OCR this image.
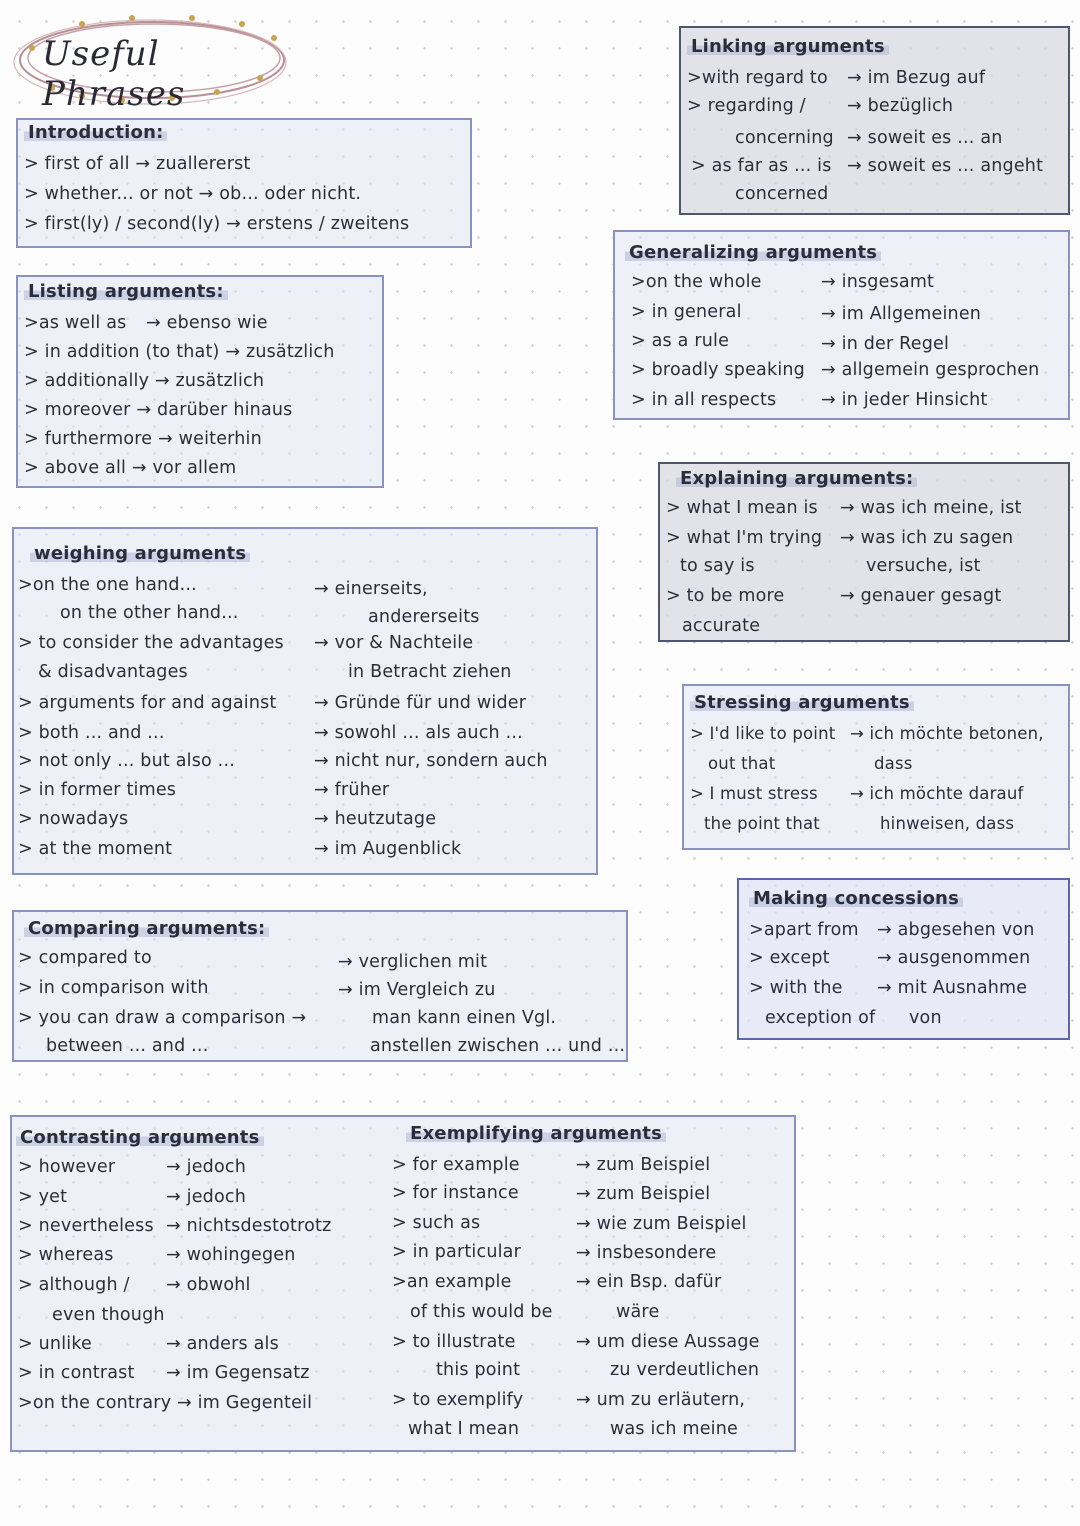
Useful Phrases
Introduction:
> first of all → zuallererst
> whether... or not → ob... oder nicht.
> first(ly) / second(ly) → erstens / zweitens
Listing arguments:
>as well as → ebenso wie
> in addition (to that) → zusätzlich
> additionally → zusätzlich
> moreover → darüber hinaus
> furthermore → weiterhin
> above all → vor allem
weighing arguments
>on the one hand...	→ einerseits,
on the other hand...	andererseits
> to consider the advantages → vor & Nachteile
& disadvantages	in Betracht ziehen
> arguments for and against → Gründe für und wider
> both ... and ...	→ sowohl ... als auch ...
> not only ... but also ...	→ nicht nur, sondern auch
> in former times	→ früher
> nowadays	→ heutzutage
> at the moment	→ im Augenblick
Comparing arguments:
> compared to	→ verglichen mit
> in comparison with	→ im Vergleich zu
> you can draw a comparison →	man kann einen Vgl.
between ... and ...	anstellen zwischen ... und ...
Contrasting arguments
> however	→ jedoch
> yet	→ jedoch
> nevertheless → nichtsdestotrotz
> whereas	→ wohingegen
> although / → obwohl
even though
> unlike	→ anders als
> in contrast → im Gegensatz
>on the contrary → im Gegenteil
Exemplifying arguments
> for example	→ zum Beispiel
> for instance	→ zum Beispiel
> such as	→ wie zum Beispiel
> in particular	→ insbesondere
>an example	→ ein Bsp. dafür
of this would be	wäre
> to illustrate	→ um diese Aussage
this point	zu verdeutlichen
> to exemplify	→ um zu erläutern,
what I mean	was ich meine
Linking arguments
>with regard to → im Bezug auf
> regarding / → bezüglich
concerning → soweit es ... an
> as far as ... is → soweit es ... angeht
concerned
Generalizing arguments
>on the whole	→ insgesamt
> in general	→ im Allgemeinen
> as a rule	→ in der Regel
> broadly speaking → allgemein gesprochen
> in all respects	→ in jeder Hinsicht
Explaining arguments:
> what I mean is → was ich meine, ist
> what I'm trying → was ich zu sagen
to say is	versuche, ist
> to be more	→ genauer gesagt
accurate
Stressing arguments
> I'd like to point → ich möchte betonen,
out that	dass
> I must stress → ich möchte darauf
the point that	hinweisen, dass
Making concessions
>apart from → abgesehen von
> except	→ ausgenommen
> with the → mit Ausnahme
exception of von
